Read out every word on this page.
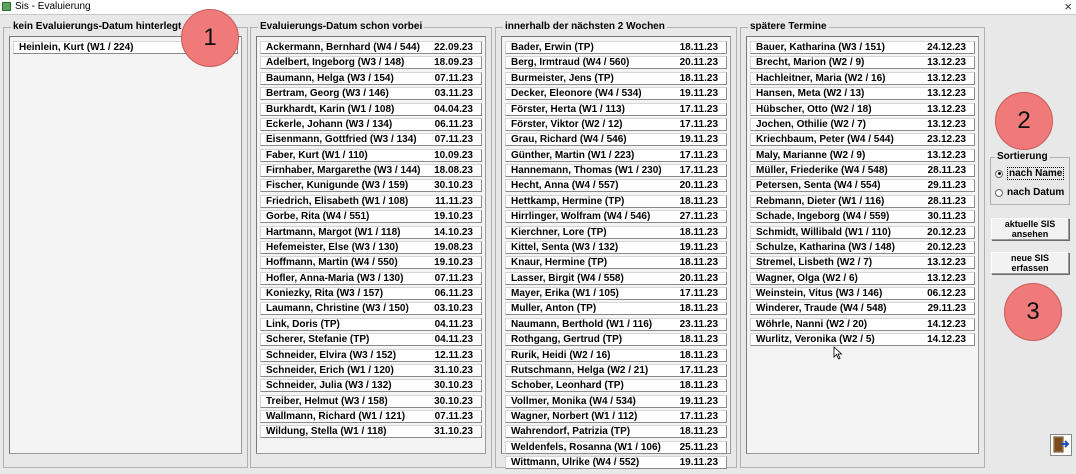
Sis - Evaluierung	×
kein Evaluierungs-Datum hinterlegt
Heinlein, Kurt (W1 / 224)
Evaluierungs-Datum schon vorbei
Ackermann, Bernhard (W4 / 544)	22.09.23
Adelbert, Ingeborg (W3 / 148)	18.09.23
Baumann, Helga (W3 / 154)	07.11.23
Bertram, Georg (W3 / 146)	03.11.23
Burkhardt, Karin (W1 / 108)	04.04.23
Eckerle, Johann (W3 / 134)	06.11.23
Eisenmann, Gottfried (W3 / 134)	07.11.23
Faber, Kurt (W1 / 110)	10.09.23
Firnhaber, Margarethe (W3 / 144)	18.08.23
Fischer, Kunigunde (W3 / 159)	30.10.23
Friedrich, Elisabeth (W1 / 108)	11.11.23
Gorbe, Rita (W4 / 551)	19.10.23
Hartmann, Margot (W1 / 118)	14.10.23
Hefemeister, Else (W3 / 130)	19.08.23
Hoffmann, Martin (W4 / 550)	19.10.23
Hofler, Anna-Maria (W3 / 130)	07.11.23
Koniezky, Rita (W3 / 157)	06.11.23
Laumann, Christine (W3 / 150)	03.10.23
Link, Doris (TP)	04.11.23
Scherer, Stefanie (TP)	04.11.23
Schneider, Elvira (W3 / 152)	12.11.23
Schneider, Erich (W1 / 120)	31.10.23
Schneider, Julia (W3 / 132)	30.10.23
Treiber, Helmut (W3 / 158)	30.10.23
Wallmann, Richard (W1 / 121)	07.11.23
Wildung, Stella (W1 / 118)	31.10.23
innerhalb der nächsten 2 Wochen
Bader, Erwin (TP)	18.11.23
Berg, Irmtraud (W4 / 560)	20.11.23
Burmeister, Jens (TP)	18.11.23
Decker, Eleonore (W4 / 534)	19.11.23
Förster, Herta (W1 / 113)	17.11.23
Förster, Viktor (W2 / 12)	17.11.23
Grau, Richard (W4 / 546)	19.11.23
Günther, Martin (W1 / 223)	17.11.23
Hannemann, Thomas (W1 / 230)	17.11.23
Hecht, Anna (W4 / 557)	20.11.23
Hettkamp, Hermine (TP)	18.11.23
Hirrlinger, Wolfram (W4 / 546)	27.11.23
Kierchner, Lore (TP)	18.11.23
Kittel, Senta (W3 / 132)	19.11.23
Knaur, Hermine (TP)	18.11.23
Lasser, Birgit (W4 / 558)	20.11.23
Mayer, Erika (W1 / 105)	17.11.23
Muller, Anton (TP)	18.11.23
Naumann, Berthold (W1 / 116)	23.11.23
Rothgang, Gertrud (TP)	18.11.23
Rurik, Heidi (W2 / 16)	18.11.23
Rutschmann, Helga (W2 / 21)	17.11.23
Schober, Leonhard (TP)	18.11.23
Vollmer, Monika (W4 / 534)	19.11.23
Wagner, Norbert (W1 / 112)	17.11.23
Wahrendorf, Patrizia (TP)	18.11.23
Weldenfels, Rosanna (W1 / 106)	25.11.23
Wittmann, Ulrike (W4 / 552)	19.11.23
spätere Termine
Bauer, Katharina (W3 / 151)	24.12.23
Brecht, Marion (W2 / 9)	13.12.23
Hachleitner, Maria (W2 / 16)	13.12.23
Hansen, Meta (W2 / 13)	13.12.23
Hübscher, Otto (W2 / 18)	13.12.23
Jochen, Othilie (W2 / 7)	13.12.23
Kriechbaum, Peter (W4 / 544)	23.12.23
Maly, Marianne (W2 / 9)	13.12.23
Müller, Friederike (W4 / 548)	28.11.23
Petersen, Senta (W4 / 554)	29.11.23
Rebmann, Dieter (W1 / 116)	28.11.23
Schade, Ingeborg (W4 / 559)	30.11.23
Schmidt, Willibald (W1 / 110)	20.12.23
Schulze, Katharina (W3 / 148)	20.12.23
Stremel, Lisbeth (W2 / 7)	13.12.23
Wagner, Olga (W2 / 6)	13.12.23
Weinstein, Vitus (W3 / 146)	06.12.23
Winderer, Traude (W4 / 548)	29.11.23
Wöhrle, Nanni (W2 / 20)	14.12.23
Wurlitz, Veronika (W2 / 5)	14.12.23
1
2
3
Sortierung
nach Name
nach Datum
aktuelle SIS ansehen
neue SIS erfassen
